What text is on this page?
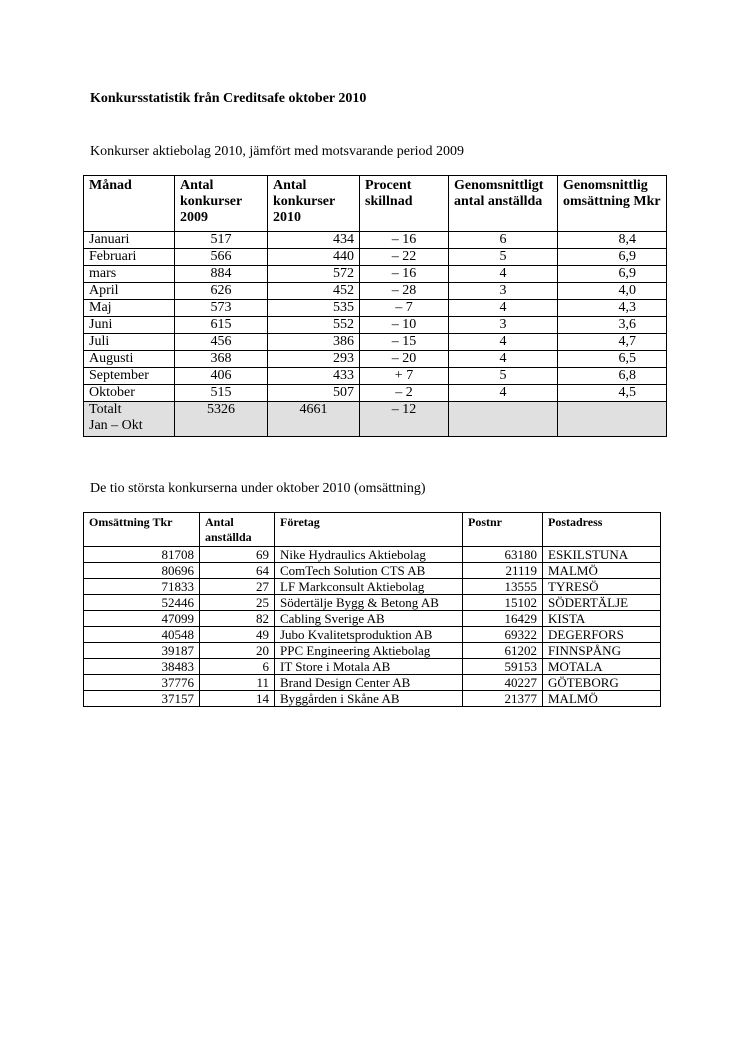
Konkursstatistik från Creditsafe oktober 2010
Konkurser aktiebolag 2010, jämfört med motsvarande period 2009
Månad	Antal konkurser 2009	Antal konkurser 2010	Procent skillnad	Genomsnittligt antal anställda	Genomsnittlig omsättning Mkr
Januari	517	434	– 16	6	8,4
Februari	566	440	– 22	5	6,9
mars	884	572	– 16	4	6,9
April	626	452	– 28	3	4,0
Maj	573	535	– 7	4	4,3
Juni	615	552	– 10	3	3,6
Juli	456	386	– 15	4	4,7
Augusti	368	293	– 20	4	6,5
September	406	433	+ 7	5	6,8
Oktober	515	507	– 2	4	4,5

Totalt
Jan – Okt	5326	4661	– 12		
De tio största konkurserna under oktober 2010 (omsättning)
Omsättning Tkr	Antal anställda	Företag	Postnr	Postadress
81708	69	Nike Hydraulics Aktiebolag	63180	ESKILSTUNA
80696	64	ComTech Solution CTS AB	21119	MALMÖ
71833	27	LF Markconsult Aktiebolag	13555	TYRESÖ
52446	25	Södertälje Bygg & Betong AB	15102	SÖDERTÄLJE
47099	82	Cabling Sverige AB	16429	KISTA
40548	49	Jubo Kvalitetsproduktion AB	69322	DEGERFORS
39187	20	PPC Engineering Aktiebolag	61202	FINNSPÅNG
38483	6	IT Store i Motala AB	59153	MOTALA
37776	11	Brand Design Center AB	40227	GÖTEBORG
37157	14	Byggården i Skåne AB	21377	MALMÖ
